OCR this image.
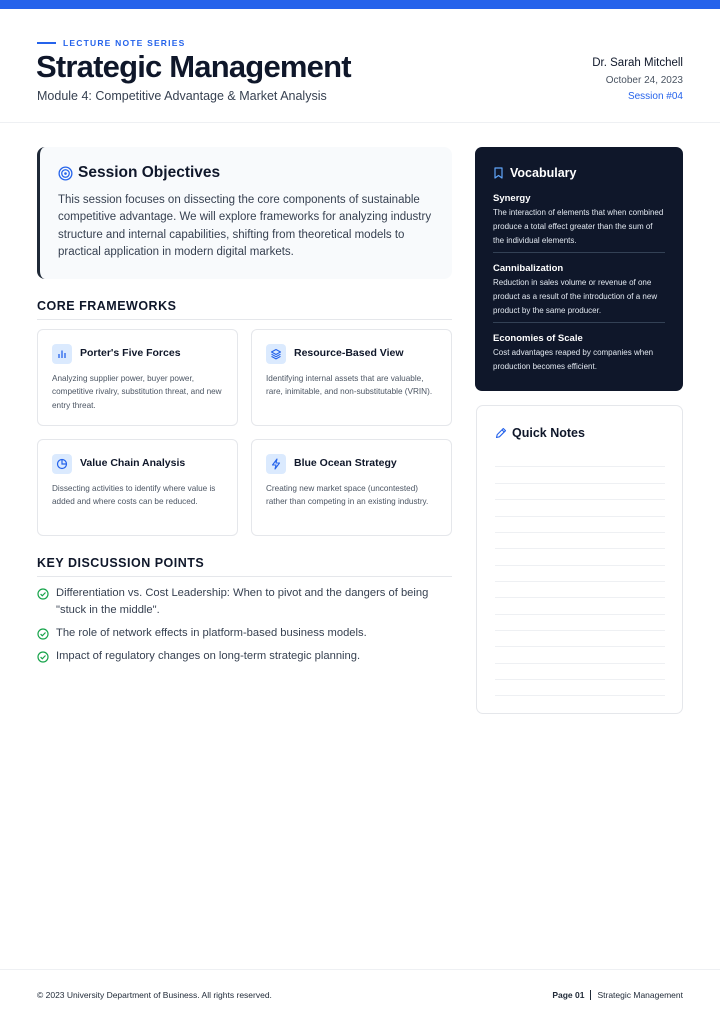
LECTURE NOTE SERIES
Strategic Management
Module 4: Competitive Advantage & Market Analysis
Dr. Sarah Mitchell
October 24, 2023
Session #04
Session Objectives

This session focuses on dissecting the core components of sustainable competitive advantage. We will explore frameworks for analyzing industry structure and internal capabilities, shifting from theoretical models to practical application in modern digital markets.

CORE FRAMEWORKS
Porter's Five Forces
Analyzing supplier power, buyer power, competitive rivalry, substitution threat, and new entry threat.
Resource-Based View
Identifying internal assets that are valuable, rare, inimitable, and non-substitutable (VRIN).
Value Chain Analysis
Dissecting activities to identify where value is added and where costs can be reduced.
Blue Ocean Strategy
Creating new market space (uncontested) rather than competing in an existing industry.
KEY DISCUSSION POINTS
Differentiation vs. Cost Leadership: When to pivot and the dangers of being "stuck in the middle".
The role of network effects in platform-based business models.
Impact of regulatory changes on long-term strategic planning.
Vocabulary
Synergy
The interaction of elements that when combined produce a total effect greater than the sum of the individual elements.
Cannibalization
Reduction in sales volume or revenue of one product as a result of the introduction of a new product by the same producer.
Economies of Scale
Cost advantages reaped by companies when production becomes efficient.
Quick Notes
© 2023 University Department of Business. All rights reserved.	Page 01 Strategic Management
